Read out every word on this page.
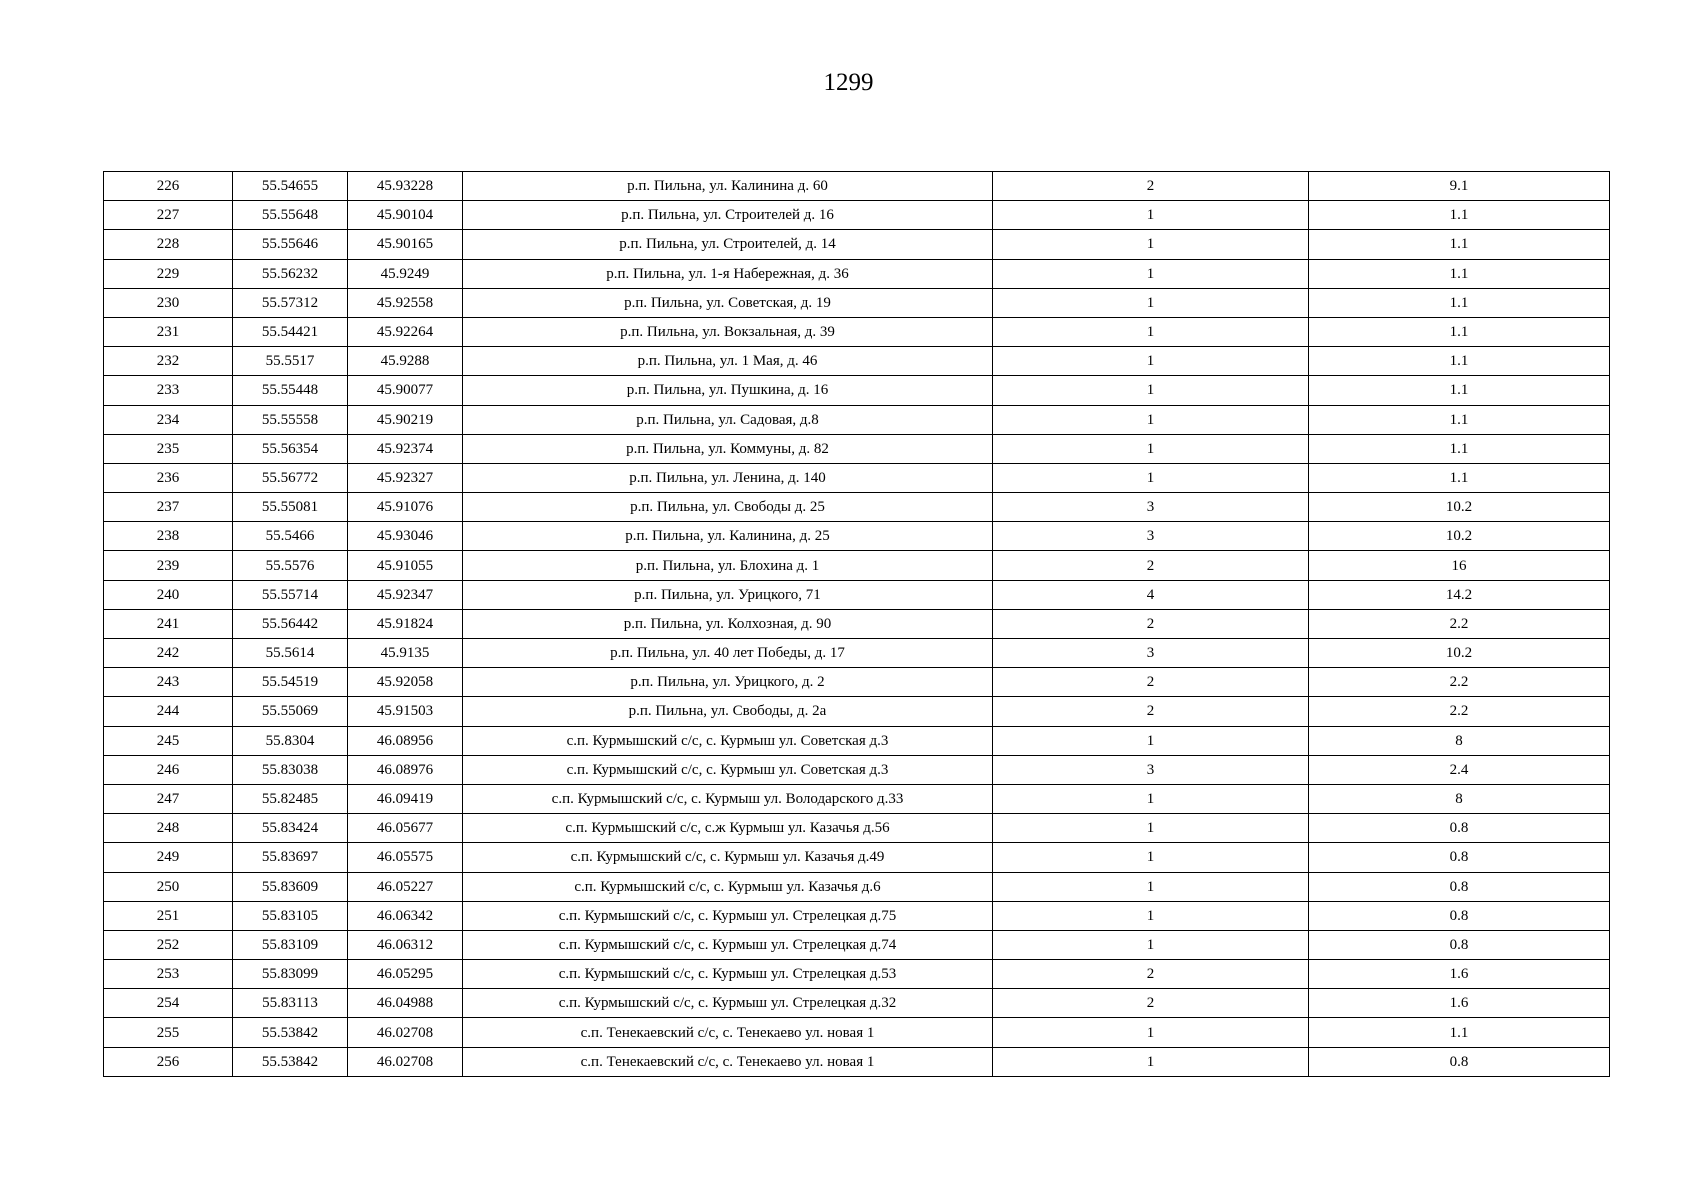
1299
226	55.54655	45.93228	р.п. Пильна, ул. Калинина д. 60	2	9.1
227	55.55648	45.90104	р.п. Пильна, ул. Строителей д. 16	1	1.1
228	55.55646	45.90165	р.п. Пильна, ул. Строителей, д. 14	1	1.1
229	55.56232	45.9249	р.п. Пильна, ул. 1-я Набережная, д. 36	1	1.1
230	55.57312	45.92558	р.п. Пильна, ул. Советская, д. 19	1	1.1
231	55.54421	45.92264	р.п. Пильна, ул. Вокзальная, д. 39	1	1.1
232	55.5517	45.9288	р.п. Пильна, ул. 1 Мая, д. 46	1	1.1
233	55.55448	45.90077	р.п. Пильна, ул. Пушкина, д. 16	1	1.1
234	55.55558	45.90219	р.п. Пильна, ул. Садовая, д.8	1	1.1
235	55.56354	45.92374	р.п. Пильна, ул. Коммуны, д. 82	1	1.1
236	55.56772	45.92327	р.п. Пильна, ул. Ленина, д. 140	1	1.1
237	55.55081	45.91076	р.п. Пильна, ул. Свободы д. 25	3	10.2
238	55.5466	45.93046	р.п. Пильна, ул. Калинина, д. 25	3	10.2
239	55.5576	45.91055	р.п. Пильна, ул. Блохина д. 1	2	16
240	55.55714	45.92347	р.п. Пильна, ул. Урицкого, 71	4	14.2
241	55.56442	45.91824	р.п. Пильна, ул. Колхозная, д. 90	2	2.2
242	55.5614	45.9135	р.п. Пильна, ул. 40 лет Победы, д. 17	3	10.2
243	55.54519	45.92058	р.п. Пильна, ул. Урицкого, д. 2	2	2.2
244	55.55069	45.91503	р.п. Пильна, ул. Свободы, д. 2а	2	2.2
245	55.8304	46.08956	с.п. Курмышский с/с, с. Курмыш ул. Советская д.3	1	8
246	55.83038	46.08976	с.п. Курмышский с/с, с. Курмыш ул. Советская д.3	3	2.4
247	55.82485	46.09419	с.п. Курмышский с/с, с. Курмыш ул. Володарского д.33	1	8
248	55.83424	46.05677	с.п. Курмышский с/с, с.ж Курмыш ул. Казачья д.56	1	0.8
249	55.83697	46.05575	с.п. Курмышский с/с, с. Курмыш ул. Казачья д.49	1	0.8
250	55.83609	46.05227	с.п. Курмышский с/с, с. Курмыш ул. Казачья д.6	1	0.8
251	55.83105	46.06342	с.п. Курмышский с/с, с. Курмыш ул. Стрелецкая д.75	1	0.8
252	55.83109	46.06312	с.п. Курмышский с/с, с. Курмыш ул. Стрелецкая д.74	1	0.8
253	55.83099	46.05295	с.п. Курмышский с/с, с. Курмыш ул. Стрелецкая д.53	2	1.6
254	55.83113	46.04988	с.п. Курмышский с/с, с. Курмыш ул. Стрелецкая д.32	2	1.6
255	55.53842	46.02708	с.п. Тенекаевский с/с, с. Тенекаево ул. новая 1	1	1.1
256	55.53842	46.02708	с.п. Тенекаевский с/с, с. Тенекаево ул. новая 1	1	0.8
